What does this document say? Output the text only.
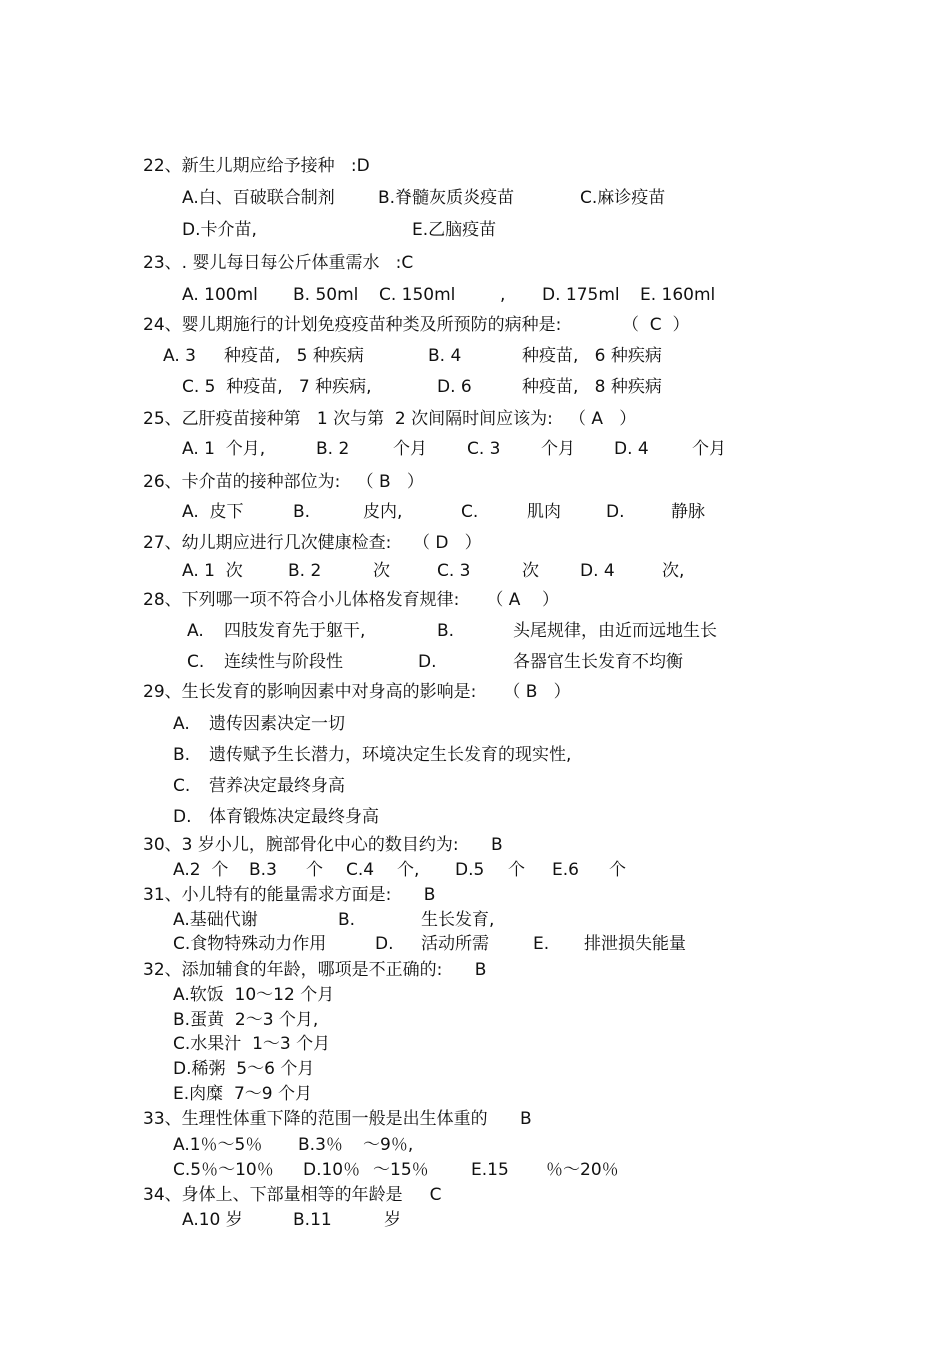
22、新生儿期应给予接种   :D
A.白、百破联合制剂	B.脊髓灰质炎疫苗	C.麻诊疫苗
D.卡介苗,	E.乙脑疫苗
23、. 婴儿每日每公斤体重需水   :C
A. 100ml B. 50ml C. 150ml	, D. 175ml E. 160ml
24、婴儿期施行的计划免疫疫苗种类及所预防的病种是:	（  C  ）
A. 3 种疫苗,   5 种疾病	B. 4	种疫苗,   6 种疾病
C. 5  种疫苗,   7 种疾病,	D. 6	种疫苗,   8 种疾病
25、乙肝疫苗接种第   1 次与第  2 次间隔时间应该为:   （ A   ）
A. 1  个月,	B. 2	个月 C. 3 个月 D. 4	个月
26、卡介苗的接种部位为:   （ B   ）
A.  皮下	B.	皮内,	C.	肌肉	D.	静脉
27、幼儿期应进行几次健康检查:    （ D   ）
A. 1  次	B. 2	次	C. 3	次 D. 4	次,
28、下列哪一项不符合小儿体格发育规律:     （ A    ）
A. 四肢发育先于躯干,	B.	头尾规律，由近而远地生长
C. 连续性与阶段性	D.	各器官生长发育不均衡
29、生长发育的影响因素中对身高的影响是:     （ B   ）
A. 遗传因素决定一切
B. 遗传赋予生长潜力，环境决定生长发育的现实性,
C. 营养决定最终身高
D. 体育锻炼决定最终身高
30、3 岁小儿，腕部骨化中心的数目约为:      B
A.2  个 B.3 个 C.4 个, D.5 个 E.6 个
31、小儿特有的能量需求方面是:      B
A.基础代谢	B.	生长发育,
C.食物特殊动力作用	D. 活动所需	E. 排泄损失能量
32、添加辅食的年龄，哪项是不正确的:      B
A.软饭  10～12 个月
B.蛋黄  2～3 个月,
C.水果汁  1～3 个月
D.稀粥  5～6 个月
E.肉糜  7～9 个月
33、生理性体重下降的范围一般是出生体重的      B
A.1％～5％ B.3％ ～9％,
C.5％～10％ D.10％ ～15％ E.15 ％～20％
34、身体上、下部量相等的年龄是     C
A.10 岁	B.11	岁
